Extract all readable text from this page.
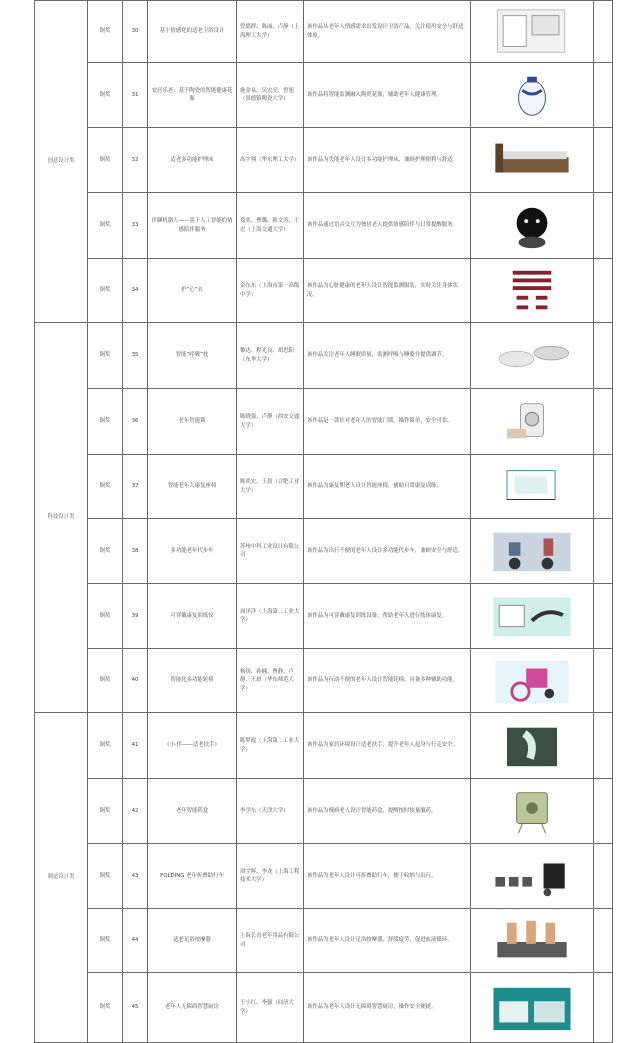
创意设计类	铜奖	30	基于情感化的适老卫浴设计	曾德群、陈丽、卢静（上海理工大学）	该作品从老年人情感需求出发设计卫浴产品，关注使用安全与舒适体验。	

	铜奖	31	安居乐老：基于陶瓷的智能健康花瓶	施金易、吴宏亮、曾旭（景德镇陶瓷大学）	该作品将智能监测融入陶瓷花瓶，辅助老年人健康管理。	

	铜奖	32	适老多功能护理床	高宇翔（华东理工大学）	该作品为失能老年人设计多功能护理床，兼顾护理便利与舒适。	

	铜奖	33	伴聊机器人——基于人工智能的情感陪伴服务	郑奕、曹璐、陈文涛、王宏（上海交通大学）	该作品通过语音交互为独居老人提供情感陪伴与日常提醒服务。	

	铜奖	34	护“心”衣	金东东（上海市第一高级中学）	该作品为心脏健康的老年人设计智能监测服装，实时关注身体状况。	

科技设计类	铜奖	35	智能“呼吸”枕	黎达、程光良、胡思阳（东华大学）	该作品关注老年人睡眠质量，监测呼吸与睡姿并提供调节。	

	铜奖	36	老年智能锁	陈晓强、卢静（西安交通大学）	该作品是一款针对老年人的智能门锁，操作简单，安全可靠。	

	铜奖	37	智能老年人康复座椅	陈尚宏、王晨（合肥工业大学）	该作品为康复期老人设计智能座椅，辅助日常康复训练。	

	铜奖	38	多功能老年代步车	苏州中科工业设计有限公司	该作品为出行不便的老年人设计多功能代步车，兼顾安全与舒适。	

	铜奖	39	可穿戴康复训练仪	周洋洋（上海第二工业大学）	该作品为可穿戴康复训练设备，帮助老年人进行肢体康复。	

	铜奖	40	智能化多功能轮椅	杨扬、孙楠、曹静、卢静、王晨（华东师范大学）	该作品为行动不便的老年人设计智能轮椅，具备多种辅助功能。	

制造设计类	铜奖	41	《小·伴——适老扶手》	陈梦霞（上海第二工业大学）	该作品为家居环境设计适老扶手，提升老年人起身与行走安全。	

	铜奖	42	老年智能药盒	李学东（天津大学）	该作品为慢病老人设计智能药盒，提醒按时按量服药。	

	铜奖	43	FOLDING 老年折叠助行车	周宇晖、李龙（上海工程技术大学）	该作品为老年人设计可折叠助行车，便于收纳与出行。	

	铜奖	44	适老足浴按摩器	上海长青老年用品有限公司	该作品为老年人设计足浴按摩器，舒缓疲劳，促进血液循环。	

	铜奖	45	老年人无障碍智慧厨房	王小红、李强（同济大学）	该作品为老年人设计无障碍智慧厨房，操作安全便捷。	
